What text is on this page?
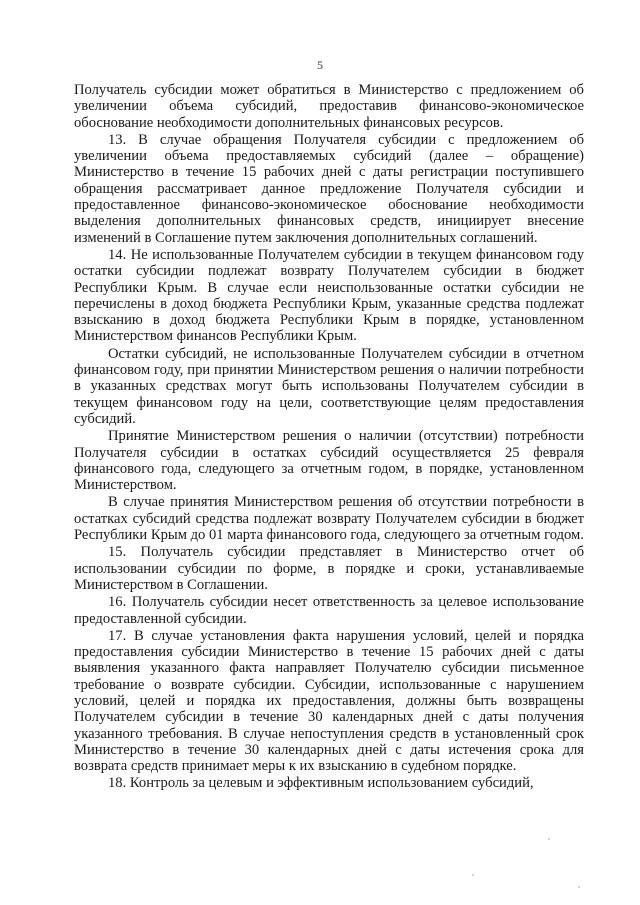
5

Получатель субсидии может обратиться в Министерство с предложением об увеличении объема субсидий, предоставив финансово-экономическое обоснование необходимости дополнительных финансовых ресурсов.

13. В случае обращения Получателя субсидии с предложением об увеличении объема предоставляемых субсидий (далее – обращение) Министерство в течение 15 рабочих дней с даты регистрации поступившего обращения рассматривает данное предложение Получателя субсидии и предоставленное финансово-экономическое обоснование необходимости выделения дополнительных финансовых средств, инициирует внесение изменений в Соглашение путем заключения дополнительных соглашений.

14. Не использованные Получателем субсидии в текущем финансовом году остатки субсидии подлежат возврату Получателем субсидии в бюджет Республики Крым. В случае если неиспользованные остатки субсидии не перечислены в доход бюджета Республики Крым, указанные средства подлежат взысканию в доход бюджета Республики Крым в порядке, установленном Министерством финансов Республики Крым.

Остатки субсидий, не использованные Получателем субсидии в отчетном финансовом году, при принятии Министерством решения о наличии потребности в указанных средствах могут быть использованы Получателем субсидии в текущем финансовом году на цели, соответствующие целям предоставления субсидий.

Принятие Министерством решения о наличии (отсутствии) потребности Получателя субсидии в остатках субсидий осуществляется 25 февраля финансового года, следующего за отчетным годом, в порядке, установленном Министерством.

В случае принятия Министерством решения об отсутствии потребности в остатках субсидий средства подлежат возврату Получателем субсидии в бюджет Республики Крым до 01 марта финансового года, следующего за отчетным годом.

15. Получатель субсидии представляет в Министерство отчет об использовании субсидии по форме, в порядке и сроки, устанавливаемые Министерством в Соглашении.

16. Получатель субсидии несет ответственность за целевое использование предоставленной субсидии.

17. В случае установления факта нарушения условий, целей и порядка предоставления субсидии Министерство в течение 15 рабочих дней с даты выявления указанного факта направляет Получателю субсидии письменное требование о возврате субсидии. Субсидии, использованные с нарушением условий, целей и порядка их предоставления, должны быть возвращены Получателем субсидии в течение 30 календарных дней с даты получения указанного требования. В случае непоступления средств в установленный срок Министерство в течение 30 календарных дней с даты истечения срока для возврата средств принимает меры к их взысканию в судебном порядке.

18. Контроль за целевым и эффективным использованием субсидий,
